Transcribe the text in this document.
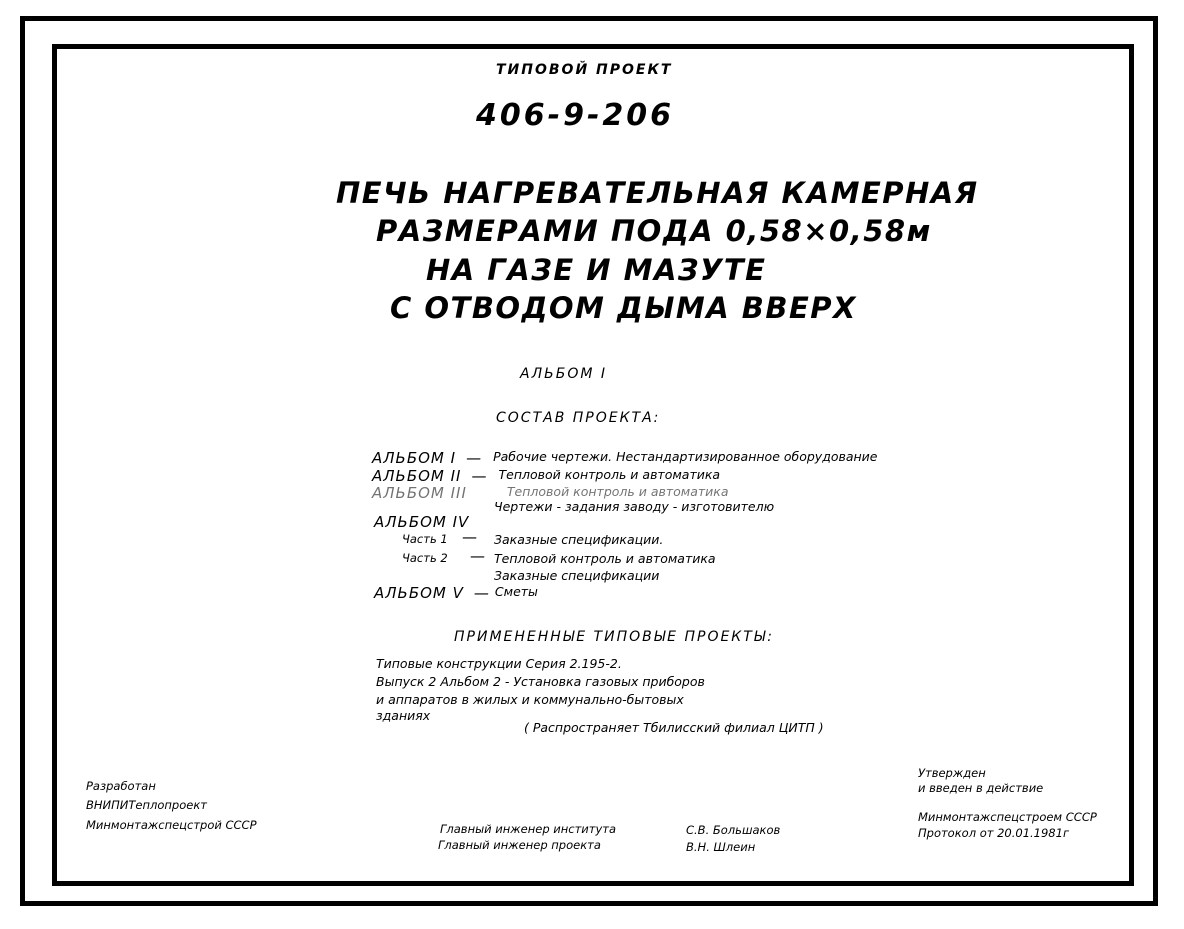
ТИПОВОЙ ПРОЕКТ
406-9-206
ПЕЧЬ НАГРЕВАТЕЛЬНАЯ КАМЕРНАЯ
РАЗМЕРАМИ ПОДА 0,58×0,58м
НА ГАЗЕ И МАЗУТЕ
С ОТВОДОМ ДЫМА ВВЕРХ
АЛЬБОМ I
СОСТАВ ПРОЕКТА:
АЛЬБОМ I — Рабочие чертежи. Нестандартизированное оборудование
АЛЬБОМ II — Тепловой контроль и автоматика
АЛЬБОМ III	Тепловой контроль и автоматика
Чертежи - задания заводу - изготовителю
АЛЬБОМ IV
Часть 1 — Заказные спецификации.
Часть 2 — Тепловой контроль и автоматика
Заказные спецификации
АЛЬБОМ V — Сметы
ПРИМЕНЕННЫЕ ТИПОВЫЕ ПРОЕКТЫ:
Типовые конструкции Серия 2.195-2.
Выпуск 2 Альбом 2 - Установка газовых приборов
и аппаратов в жилых и коммунально-бытовых
зданиях
( Распространяет Тбилисский филиал ЦИТП )
Разработан
ВНИПИТеплопроект
Минмонтажспецстрой СССР	Главный инженер института
Главный инженер проекта
С.В. Большаков
В.Н. Шлеин
Утвержден
и введен в действие
Минмонтажспецстроем СССР
Протокол от 20.01.1981г
